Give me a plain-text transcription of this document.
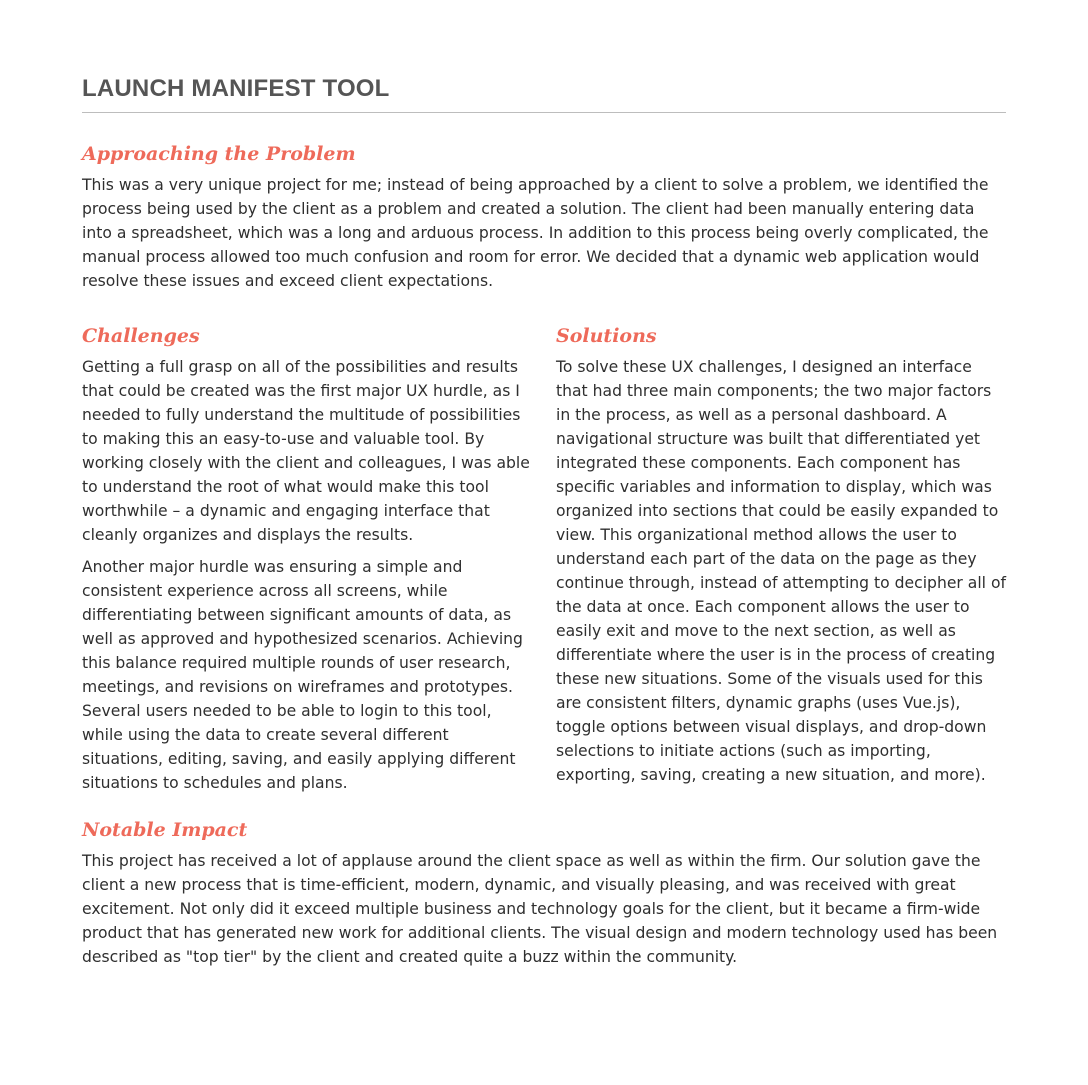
LAUNCH MANIFEST TOOL
Approaching the Problem

This was a very unique project for me; instead of being approached by a client to solve a problem, we identified the process being used by the client as a problem and created a solution. The client had been manually entering data into a spreadsheet, which was a long and arduous process. In addition to this process being overly complicated, the manual process allowed too much confusion and room for error. We decided that a dynamic web application would resolve these issues and exceed client expectations.

Challenges

Getting a full grasp on all of the possibilities and results that could be created was the first major UX hurdle, as I needed to fully understand the multitude of possibilities to making this an easy-to-use and valuable tool. By working closely with the client and colleagues, I was able to understand the root of what would make this tool worthwhile – a dynamic and engaging interface that cleanly organizes and displays the results.

Another major hurdle was ensuring a simple and consistent experience across all screens, while differentiating between significant amounts of data, as well as approved and hypothesized scenarios. Achieving this balance required multiple rounds of user research, meetings, and revisions on wireframes and prototypes. Several users needed to be able to login to this tool, while using the data to create several different situations, editing, saving, and easily applying different situations to schedules and plans.

Solutions

To solve these UX challenges, I designed an interface that had three main components; the two major factors in the process, as well as a personal dashboard. A navigational structure was built that differentiated yet integrated these components. Each component has specific variables and information to display, which was organized into sections that could be easily expanded to view. This organizational method allows the user to understand each part of the data on the page as they continue through, instead of attempting to decipher all of the data at once. Each component allows the user to easily exit and move to the next section, as well as differentiate where the user is in the process of creating these new situations. Some of the visuals used for this are consistent filters, dynamic graphs (uses Vue.js), toggle options between visual displays, and drop-down selections to initiate actions (such as importing, exporting, saving, creating a new situation, and more).

Notable Impact

This project has received a lot of applause around the client space as well as within the firm. Our solution gave the client a new process that is time-efficient, modern, dynamic, and visually pleasing, and was received with great excitement. Not only did it exceed multiple business and technology goals for the client, but it became a firm-wide product that has generated new work for additional clients. The visual design and modern technology used has been described as "top tier" by the client and created quite a buzz within the community.
